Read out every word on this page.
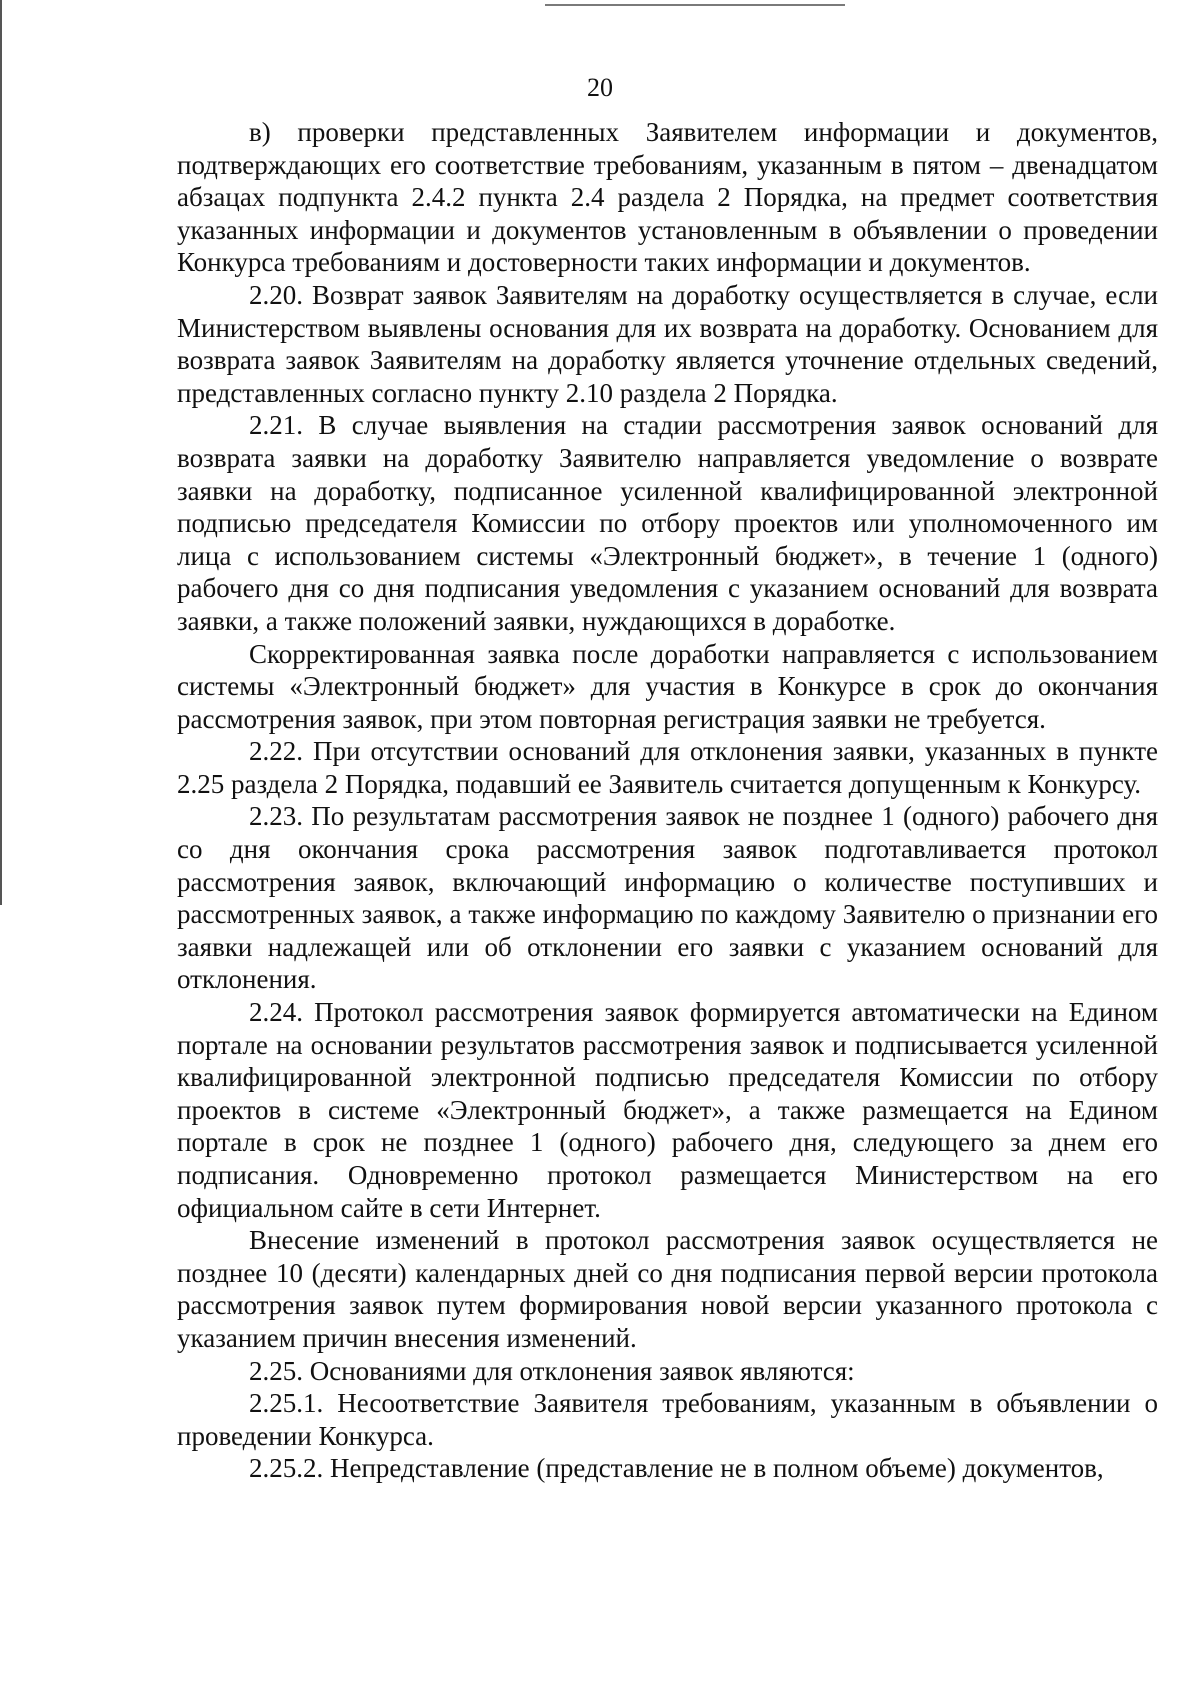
20

в) проверки представленных Заявителем информации и документов, подтверждающих его соответствие требованиям, указанным в пятом – двенадцатом абзацах подпункта 2.4.2 пункта 2.4 раздела 2 Порядка, на предмет соответствия указанных информации и документов установленным в объявлении о проведении Конкурса требованиям и достоверности таких информации и документов.

2.20. Возврат заявок Заявителям на доработку осуществляется в случае, если Министерством выявлены основания для их возврата на доработку. Основанием для возврата заявок Заявителям на доработку является уточнение отдельных сведений, представленных согласно пункту 2.10 раздела 2 Порядка.

2.21. В случае выявления на стадии рассмотрения заявок оснований для возврата заявки на доработку Заявителю направляется уведомление о возврате заявки на доработку, подписанное усиленной квалифицированной электронной подписью председателя Комиссии по отбору проектов или уполномоченного им лица с использованием системы «Электронный бюджет», в течение 1 (одного) рабочего дня со дня подписания уведомления с указанием оснований для возврата заявки, а также положений заявки, нуждающихся в доработке.

Скорректированная заявка после доработки направляется с использованием системы «Электронный бюджет» для участия в Конкурсе в срок до окончания рассмотрения заявок, при этом повторная регистрация заявки не требуется.

2.22. При отсутствии оснований для отклонения заявки, указанных в пункте 2.25 раздела 2 Порядка, подавший ее Заявитель считается допущенным к Конкурсу.

2.23. По результатам рассмотрения заявок не позднее 1 (одного) рабочего дня со дня окончания срока рассмотрения заявок подготавливается протокол рассмотрения заявок, включающий информацию о количестве поступивших и рассмотренных заявок, а также информацию по каждому Заявителю о признании его заявки надлежащей или об отклонении его заявки с указанием оснований для отклонения.

2.24. Протокол рассмотрения заявок формируется автоматически на Едином портале на основании результатов рассмотрения заявок и подписывается усиленной квалифицированной электронной подписью председателя Комиссии по отбору проектов в системе «Электронный бюджет», а также размещается на Едином портале в срок не позднее 1 (одного) рабочего дня, следующего за днем его подписания. Одновременно протокол размещается Министерством на его официальном сайте в сети Интернет.

Внесение изменений в протокол рассмотрения заявок осуществляется не позднее 10 (десяти) календарных дней со дня подписания первой версии протокола рассмотрения заявок путем формирования новой версии указанного протокола с указанием причин внесения изменений.

2.25. Основаниями для отклонения заявок являются:

2.25.1. Несоответствие Заявителя требованиям, указанным в объявлении о проведении Конкурса.

2.25.2. Непредставление (представление не в полном объеме) документов,
